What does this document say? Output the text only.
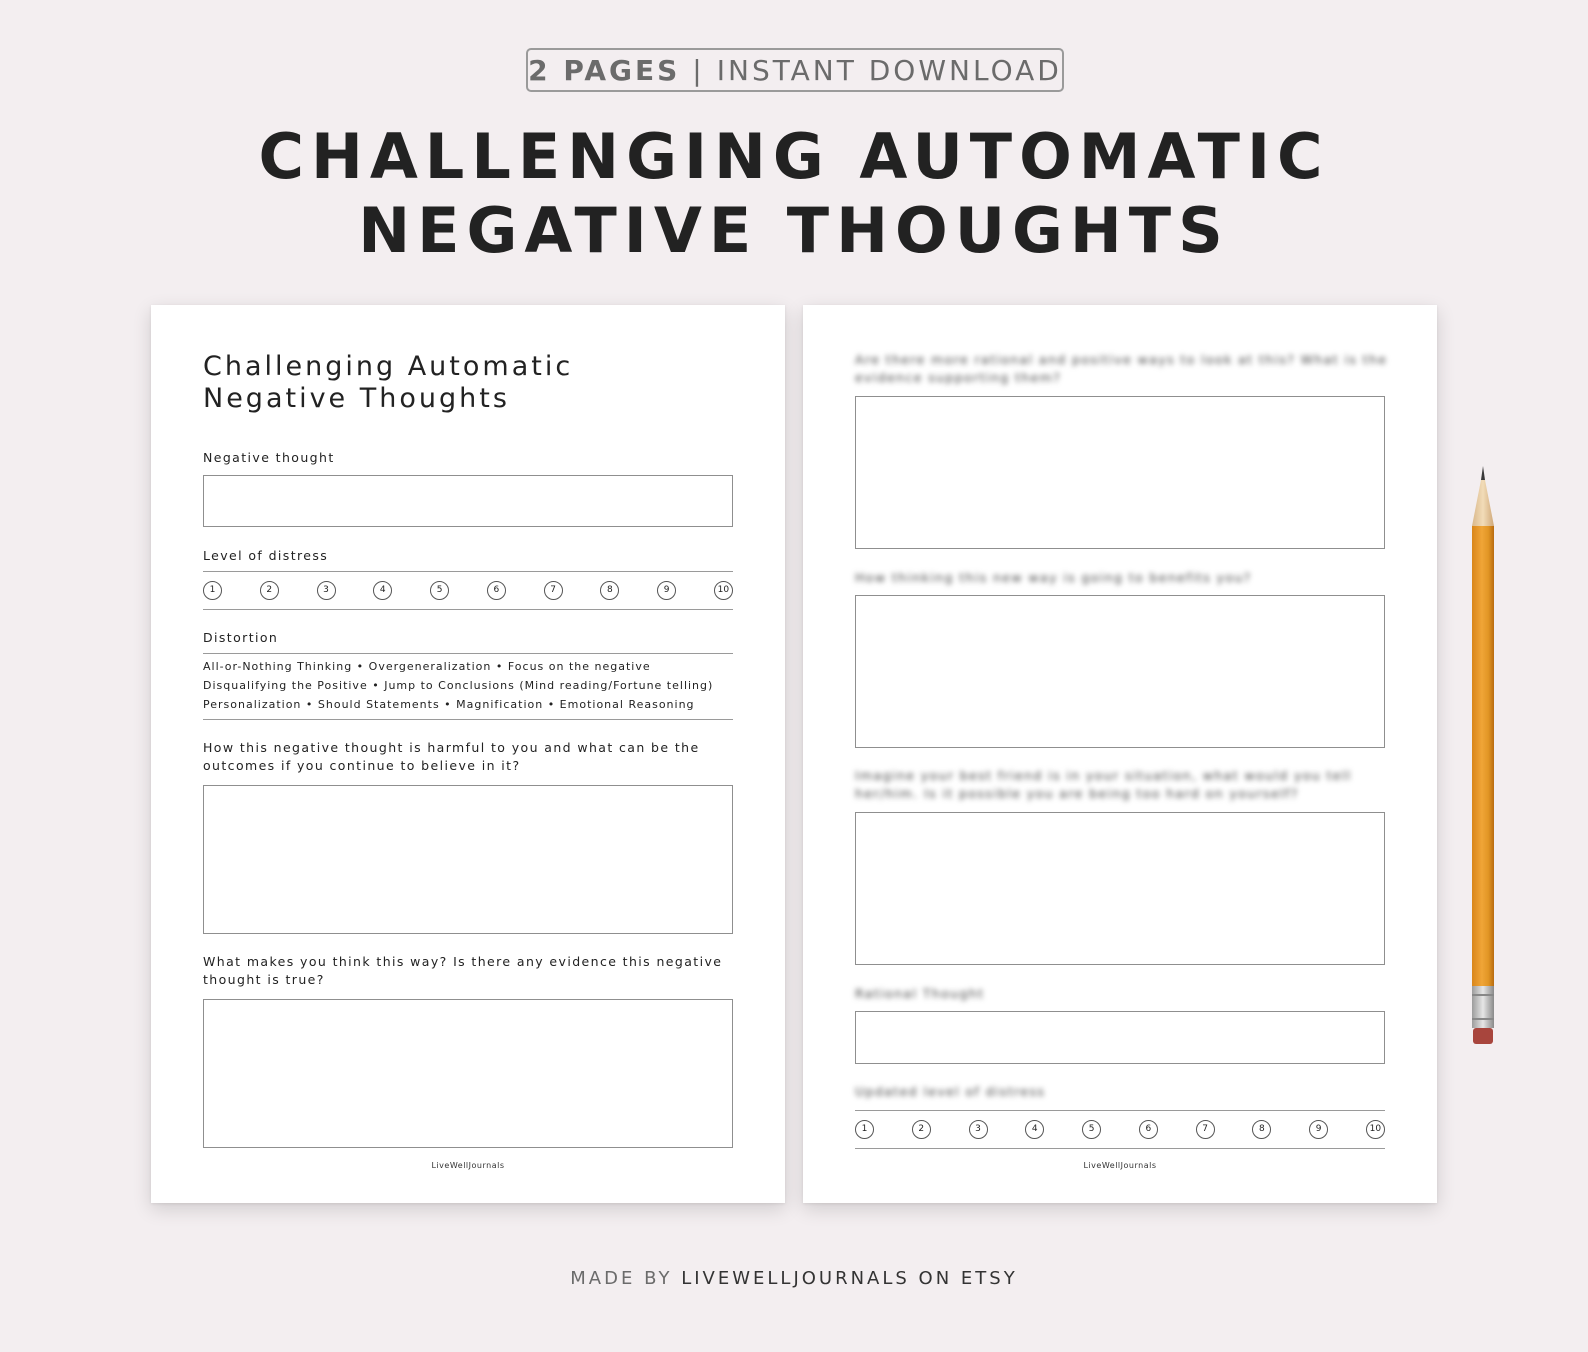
2 PAGES | INSTANT DOWNLOAD
CHALLENGING AUTOMATIC
NEGATIVE THOUGHTS
Challenging Automatic
Negative Thoughts
Negative thought
Level of distress
1	2	3	4	5	6	7	8	9	10
Distortion
All-or-Nothing Thinking • Overgeneralization • Focus on the negative
Disqualifying the Positive • Jump to Conclusions (Mind reading/Fortune telling)
Personalization • Should Statements • Magnification • Emotional Reasoning
How this negative thought is harmful to you and what can be the outcomes if you continue to believe in it?
What makes you think this way? Is there any evidence this negative thought is true?
LiveWellJournals
Are there more rational and positive ways to look at this? What is the evidence supporting them?
How thinking this new way is going to benefits you?
Imagine your best friend is in your situation, what would you tell her/him. Is it possible you are being too hard on yourself?
Rational Thought
Updated level of distress
1	2	3	4	5	6	7	8	9	10
LiveWellJournals
MADE BY LIVEWELLJOURNALS ON ETSY
